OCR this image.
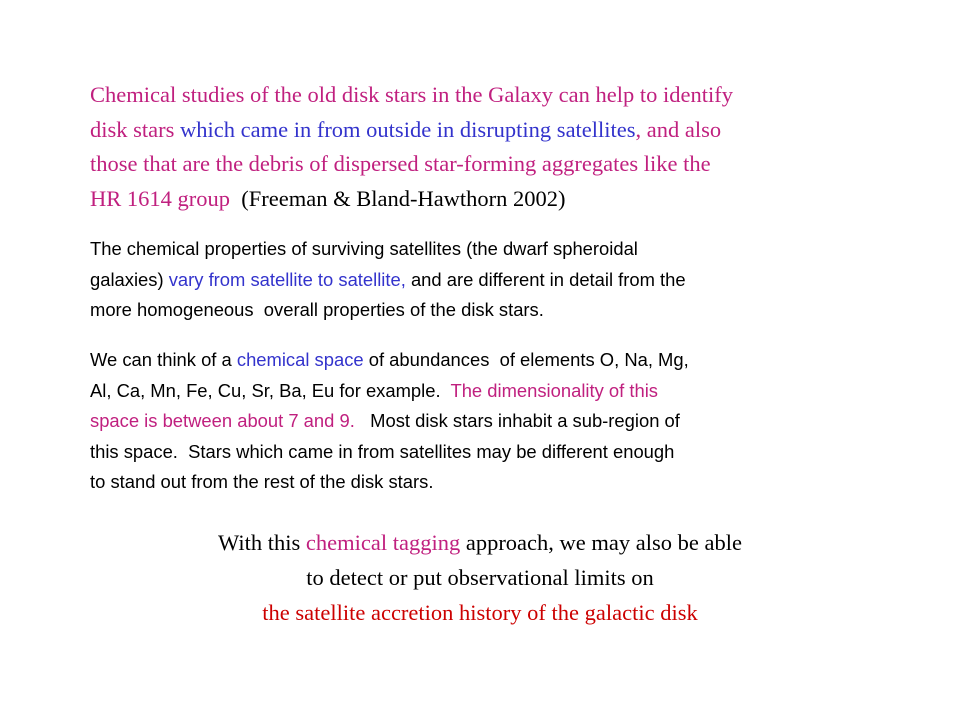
Chemical studies of the old disk stars in the Galaxy can help to identify
disk stars which came in from outside in disrupting satellites, and also
those that are the debris of dispersed star-forming aggregates like the
HR 1614 group  (Freeman & Bland-Hawthorn 2002)
The chemical properties of surviving satellites (the dwarf spheroidal
galaxies) vary from satellite to satellite, and are different in detail from the
more homogeneous  overall properties of the disk stars.
We can think of a chemical space of abundances  of elements O, Na, Mg,
Al, Ca, Mn, Fe, Cu, Sr, Ba, Eu for example.  The dimensionality of this
space is between about 7 and 9.   Most disk stars inhabit a sub-region of
this space.  Stars which came in from satellites may be different enough
to stand out from the rest of the disk stars.
With this chemical tagging approach, we may also be able
to detect or put observational limits on
the satellite accretion history of the galactic disk
